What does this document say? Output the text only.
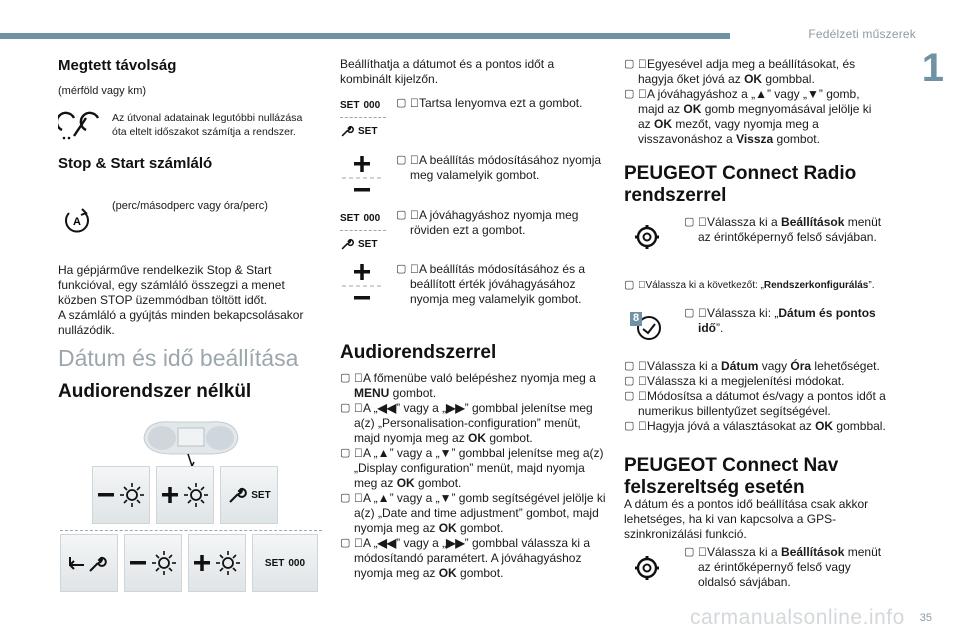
Fedélzeti műszerek
1
35
carmanualsonline.info
Megtett távolság
(mérföld vagy km)
Az útvonal adatainak legutóbbi nullázása óta eltelt időszakot számítja a rendszer.
Stop & Start számláló
A
(perc/másodperc vagy óra/perc)
Ha gépjárművе rendelkezik Stop & Start funkcióval, egy számláló összegzi a menet közben STOP üzemmódban töltött időt.
A számláló a gyújtás minden bekapcsolásakor nullázódik.
Dátum és idő beállítása
Audiorendszer nélkül
SET
SET 000
Beállíthatja a dátumot és a pontos időt a kombinált kijelzőn.
SET 000
SET
▢ Tartsa lenyomva ezt a gombot.
▢ A beállítás módosításához nyomja meg valamelyik gombot.
SET 000
SET
▢ A jóváhagyáshoz nyomja meg röviden ezt a gombot.
▢ A beállítás módosításához és a beállított érték jóváhagyásához nyomja meg valamelyik gombot.
Audiorendszerrel
▢ A főmenübe való belépéshez nyomja meg a MENU gombot.
▢ A „◀◀” vagy a „▶▶” gombbal jelenítse meg a(z) „Personalisation-configuration” menüt, majd nyomja meg az OK gombot.
▢ A „▲” vagy a „▼” gombbal jelenítse meg a(z) „Display configuration” menüt, majd nyomja meg az OK gombot.
▢ A „▲” vagy a „▼” gomb segítségével jelölje ki a(z) „Date and time adjustment” gombot, majd nyomja meg az OK gombot.
▢ A „◀◀” vagy a „▶▶” gombbal válassza ki a módosítandó paramétert. A jóváhagyáshoz nyomja meg az OK gombot.
▢ Egyesével adja meg a beállításokat, és hagyja őket jóvá az OK gombbal.
▢ A jóváhagyáshoz a „▲” vagy „▼” gomb, majd az OK gomb megnyomásával jelölje ki az OK mezőt, vagy nyomja meg a visszavonáshoz a Vissza gombot.
PEUGEOT Connect Radio rendszerrel
▢ Válassza ki a Beállítások menüt az érintőképernyő felső sávjában.
▢ Válassza ki a következőt: „Rendszerkonfigurálás”.
8	▢ Válassza ki: „Dátum és pontos idő”.
▢ Válassza ki a Dátum vagy Óra lehetőséget.
▢ Válassza ki a megjelenítési módokat.
▢ Módosítsa a dátumot és/vagy a pontos időt a numerikus billentyűzet segítségével.
▢ Hagyja jóvá a választásokat az OK gombbal.
PEUGEOT Connect Nav felszereltség esetén
A dátum és a pontos idő beállítása csak akkor lehetséges, ha ki van kapcsolva a GPS-szinkronizálási funkció.
▢ Válassza ki a Beállítások menüt az érintőképernyő felső vagy oldalsó sávjában.
